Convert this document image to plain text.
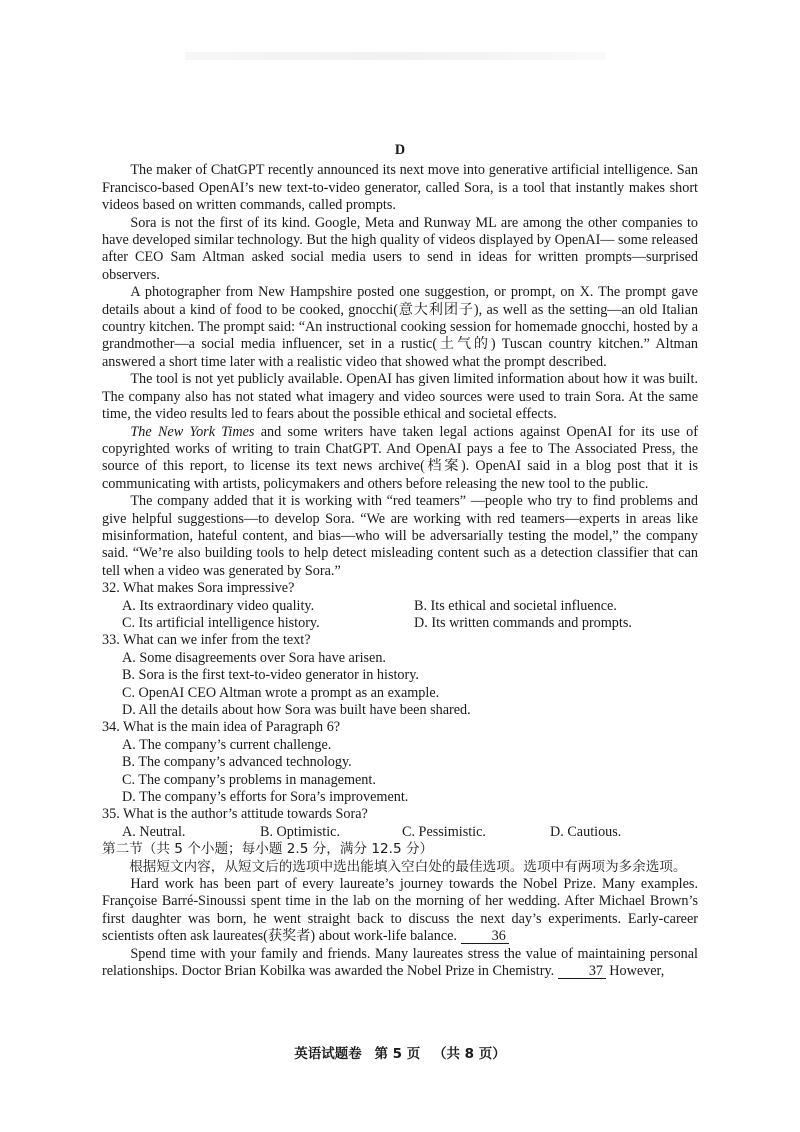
D

The maker of ChatGPT recently announced its next move into generative artificial intelligence. San Francisco-based OpenAI’s new text-to-video generator, called Sora, is a tool that instantly makes short videos based on written commands, called prompts.

Sora is not the first of its kind. Google, Meta and Runway ML are among the other companies to have developed similar technology. But the high quality of videos displayed by OpenAI— some released after CEO Sam Altman asked social media users to send in ideas for written prompts—surprised observers.

A photographer from New Hampshire posted one suggestion, or prompt, on X. The prompt gave details about a kind of food to be cooked, gnocchi(意大利团子), as well as the setting—an old Italian country kitchen. The prompt said: “An instructional cooking session for homemade gnocchi, hosted by a grandmother—a social media influencer, set in a rustic(土气的) Tuscan country kitchen.” Altman answered a short time later with a realistic video that showed what the prompt described.

The tool is not yet publicly available. OpenAI has given limited information about how it was built. The company also has not stated what imagery and video sources were used to train Sora. At the same time, the video results led to fears about the possible ethical and societal effects.

The New York Times and some writers have taken legal actions against OpenAI for its use of copyrighted works of writing to train ChatGPT. And OpenAI pays a fee to The Associated Press, the source of this report, to license its text news archive(档案). OpenAI said in a blog post that it is communicating with artists, policymakers and others before releasing the new tool to the public.

The company added that it is working with “red teamers” —people who try to find problems and give helpful suggestions—to develop Sora. “We are working with red teamers—experts in areas like misinformation, hateful content, and bias—who will be adversarially testing the model,” the company said. “We’re also building tools to help detect misleading content such as a detection classifier that can tell when a video was generated by Sora.”

32. What makes Sora impressive?

A. Its extraordinary video quality.	B. Its ethical and societal influence.
C. Its artificial intelligence history.	D. Its written commands and prompts.

33. What can we infer from the text?

A. Some disagreements over Sora have arisen.

B. Sora is the first text-to-video generator in history.

C. OpenAI CEO Altman wrote a prompt as an example.

D. All the details about how Sora was built have been shared.

34. What is the main idea of Paragraph 6?

A. The company’s current challenge.

B. The company’s advanced technology.

C. The company’s problems in management.

D. The company’s efforts for Sora’s improvement.

35. What is the author’s attitude towards Sora?

A. Neutral.	B. Optimistic.	C. Pessimistic.	D. Cautious.

第二节（共 5 个小题；每小题 2.5 分，满分 12.5 分）

根据短文内容，从短文后的选项中选出能填入空白处的最佳选项。选项中有两项为多余选项。

Hard work has been part of every laureate’s journey towards the Nobel Prize. Many examples. Françoise Barré-Sinoussi spent time in the lab on the morning of her wedding. After Michael Brown’s first daughter was born, he went straight back to discuss the next day’s experiments. Early-career scientists often ask laureates(获奖者) about work-life balance. 36

Spend time with your family and friends. Many laureates stress the value of maintaining personal relationships. Doctor Brian Kobilka was awarded the Nobel Prize in Chemistry. 37 However,

英语试题卷 第 5 页 （共 8 页）
